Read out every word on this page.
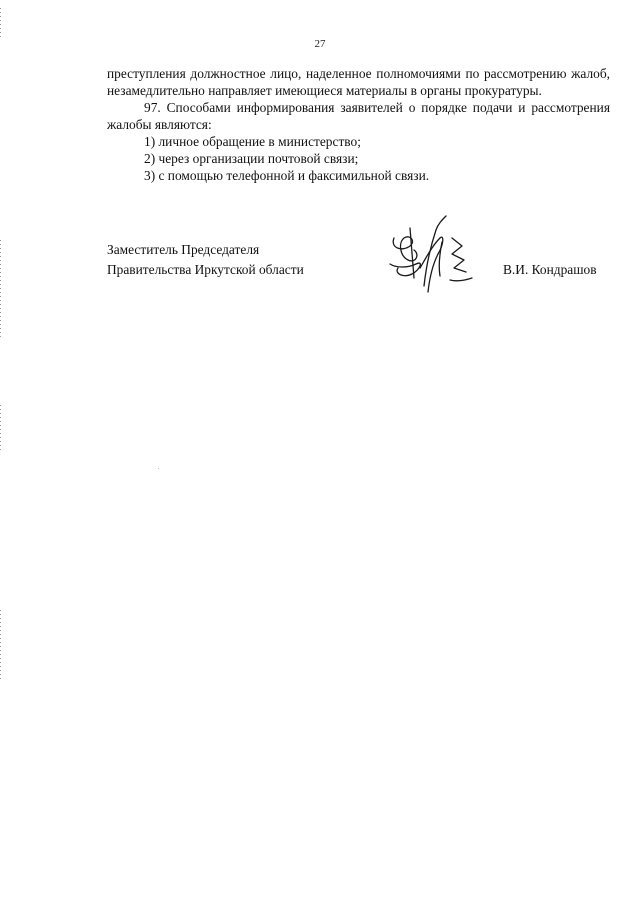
27

преступления должностное лицо, наделенное полномочиями по рассмотрению жалоб, незамедлительно направляет имеющиеся материалы в органы прокуратуры.

97. Способами информирования заявителей о порядке подачи и рассмотрения жалобы являются:

1) личное обращение в министерство;

2) через организации почтовой связи;

3) с помощью телефонной и факсимильной связи.

Заместитель Председателя
Правительства Иркутской области	В.И. Кондрашов
